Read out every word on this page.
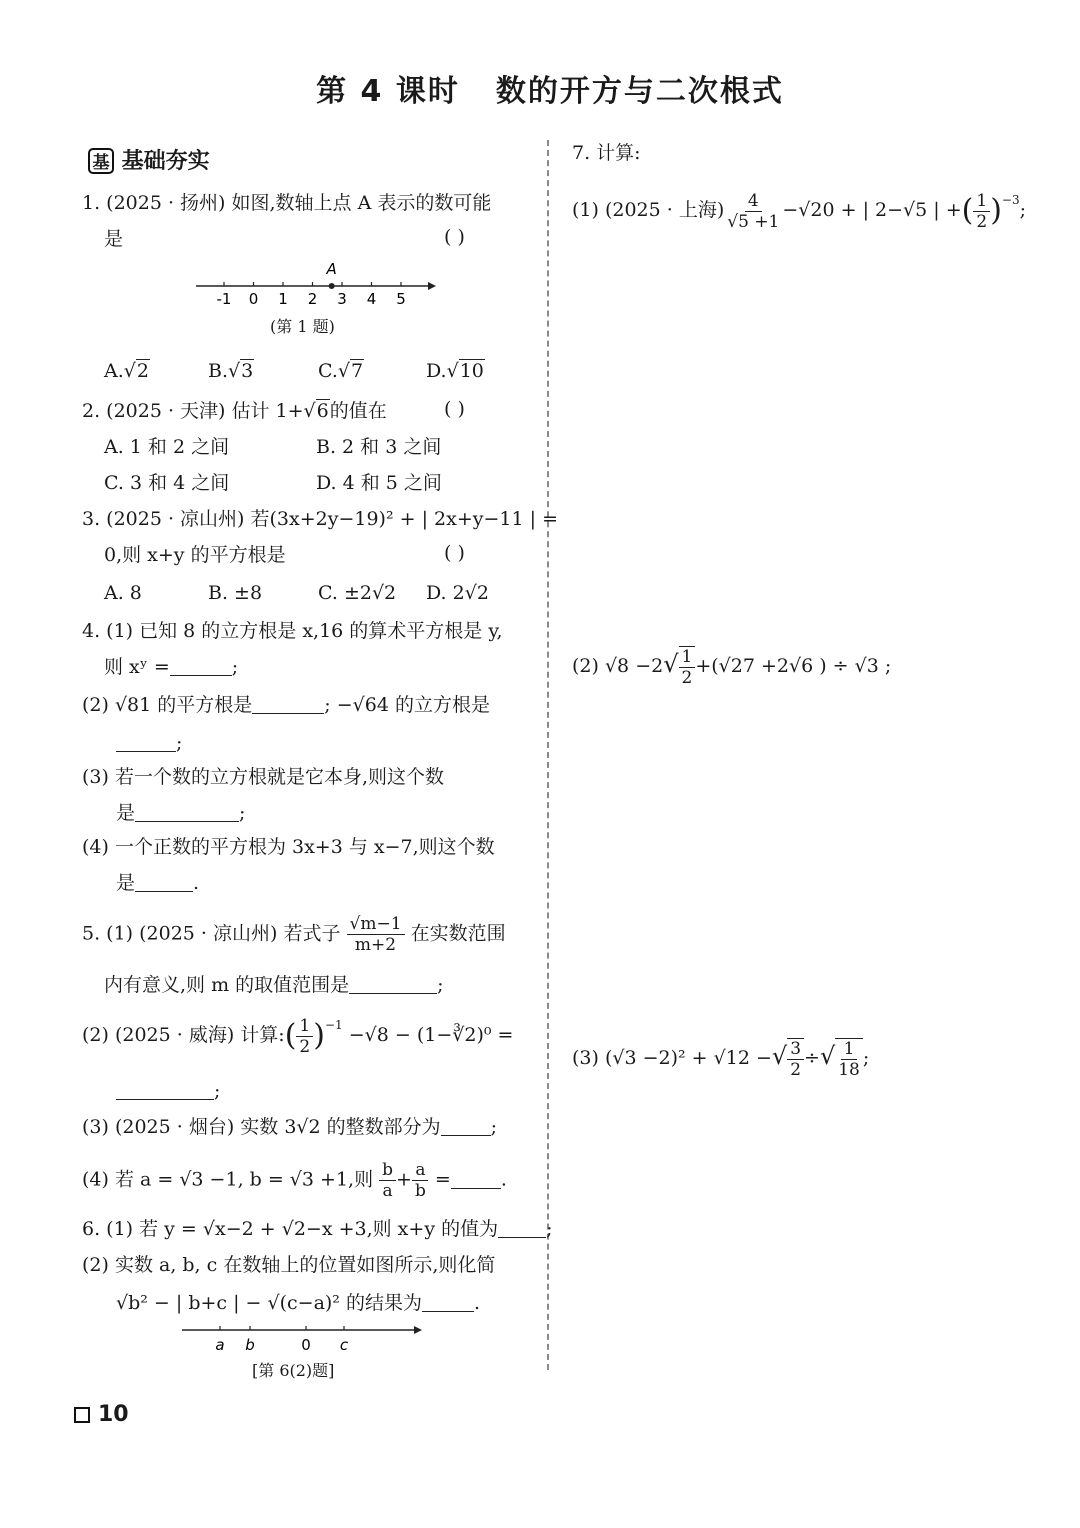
第 4 课时 数的开方与二次根式
基 基础夯实
1. (2025 · 扬州) 如图,数轴上点 A 表示的数可能
是	( )
-1 0 1 2 3 4 5
A
(第 1 题)
A.√2	B.√3	C.√7	D.√10
2. (2025 · 天津) 估计 1+√6的值在	( )
A. 1 和 2 之间	B. 2 和 3 之间
C. 3 和 4 之间	D. 4 和 5 之间
3. (2025 · 凉山州) 若(3x+2y−19)² + | 2x+y−11 | =
0,则 x+y 的平方根是	( )
A. 8	B. ±8	C. ±2√2 D. 2√2
4. (1) 已知 8 的立方根是 x,16 的算术平方根是 y,
则 xʸ =	;
(2) √81 的平方根是	; −√64 的立方根是
;
(3) 若一个数的立方根就是它本身,则这个数
是	;
(4) 一个正数的平方根为 3x+3 与 x−7,则这个数
是	.
5. (1) (2025 · 凉山州) 若式子 $\frac{√m-1}{m+2}$ 在实数范围
内有意义,则 m 的取值范围是	;
(2) (2025 · 威海) 计算:( $\frac{1}{2} )^{-1} -√8$ − (1−∛2)⁰ =
;
(3) (2025 · 烟台) 实数 3√2 的整数部分为	;
(4) 若 a = √3 −1, b = √3 +1,则 $\frac{b}{a} + \frac{a}{b}$ =	.
6. (1) 若 y = √x−2 + √2−x +3,则 x+y 的值为	;
(2) 实数 a, b, c 在数轴上的位置如图所示,则化简
√b² − | b+c | − √(c−a)² 的结果为	.
a b	0 c
[第 6(2)题]
7. 计算:
(1) (2025 · 上海) $\frac{4}{√5 +1} -√20$ + | 2−√5 | +( $\frac{1}{2} )^{-3}$;
(2) $√8 -2√ \frac{1}{2} +(√27 +2√6$ ) ÷ √3 ;
(3) (√3 −2)² + √12 −√ $\frac{3}{2}$ ÷√ $\frac{1}{18}$ ;
10
